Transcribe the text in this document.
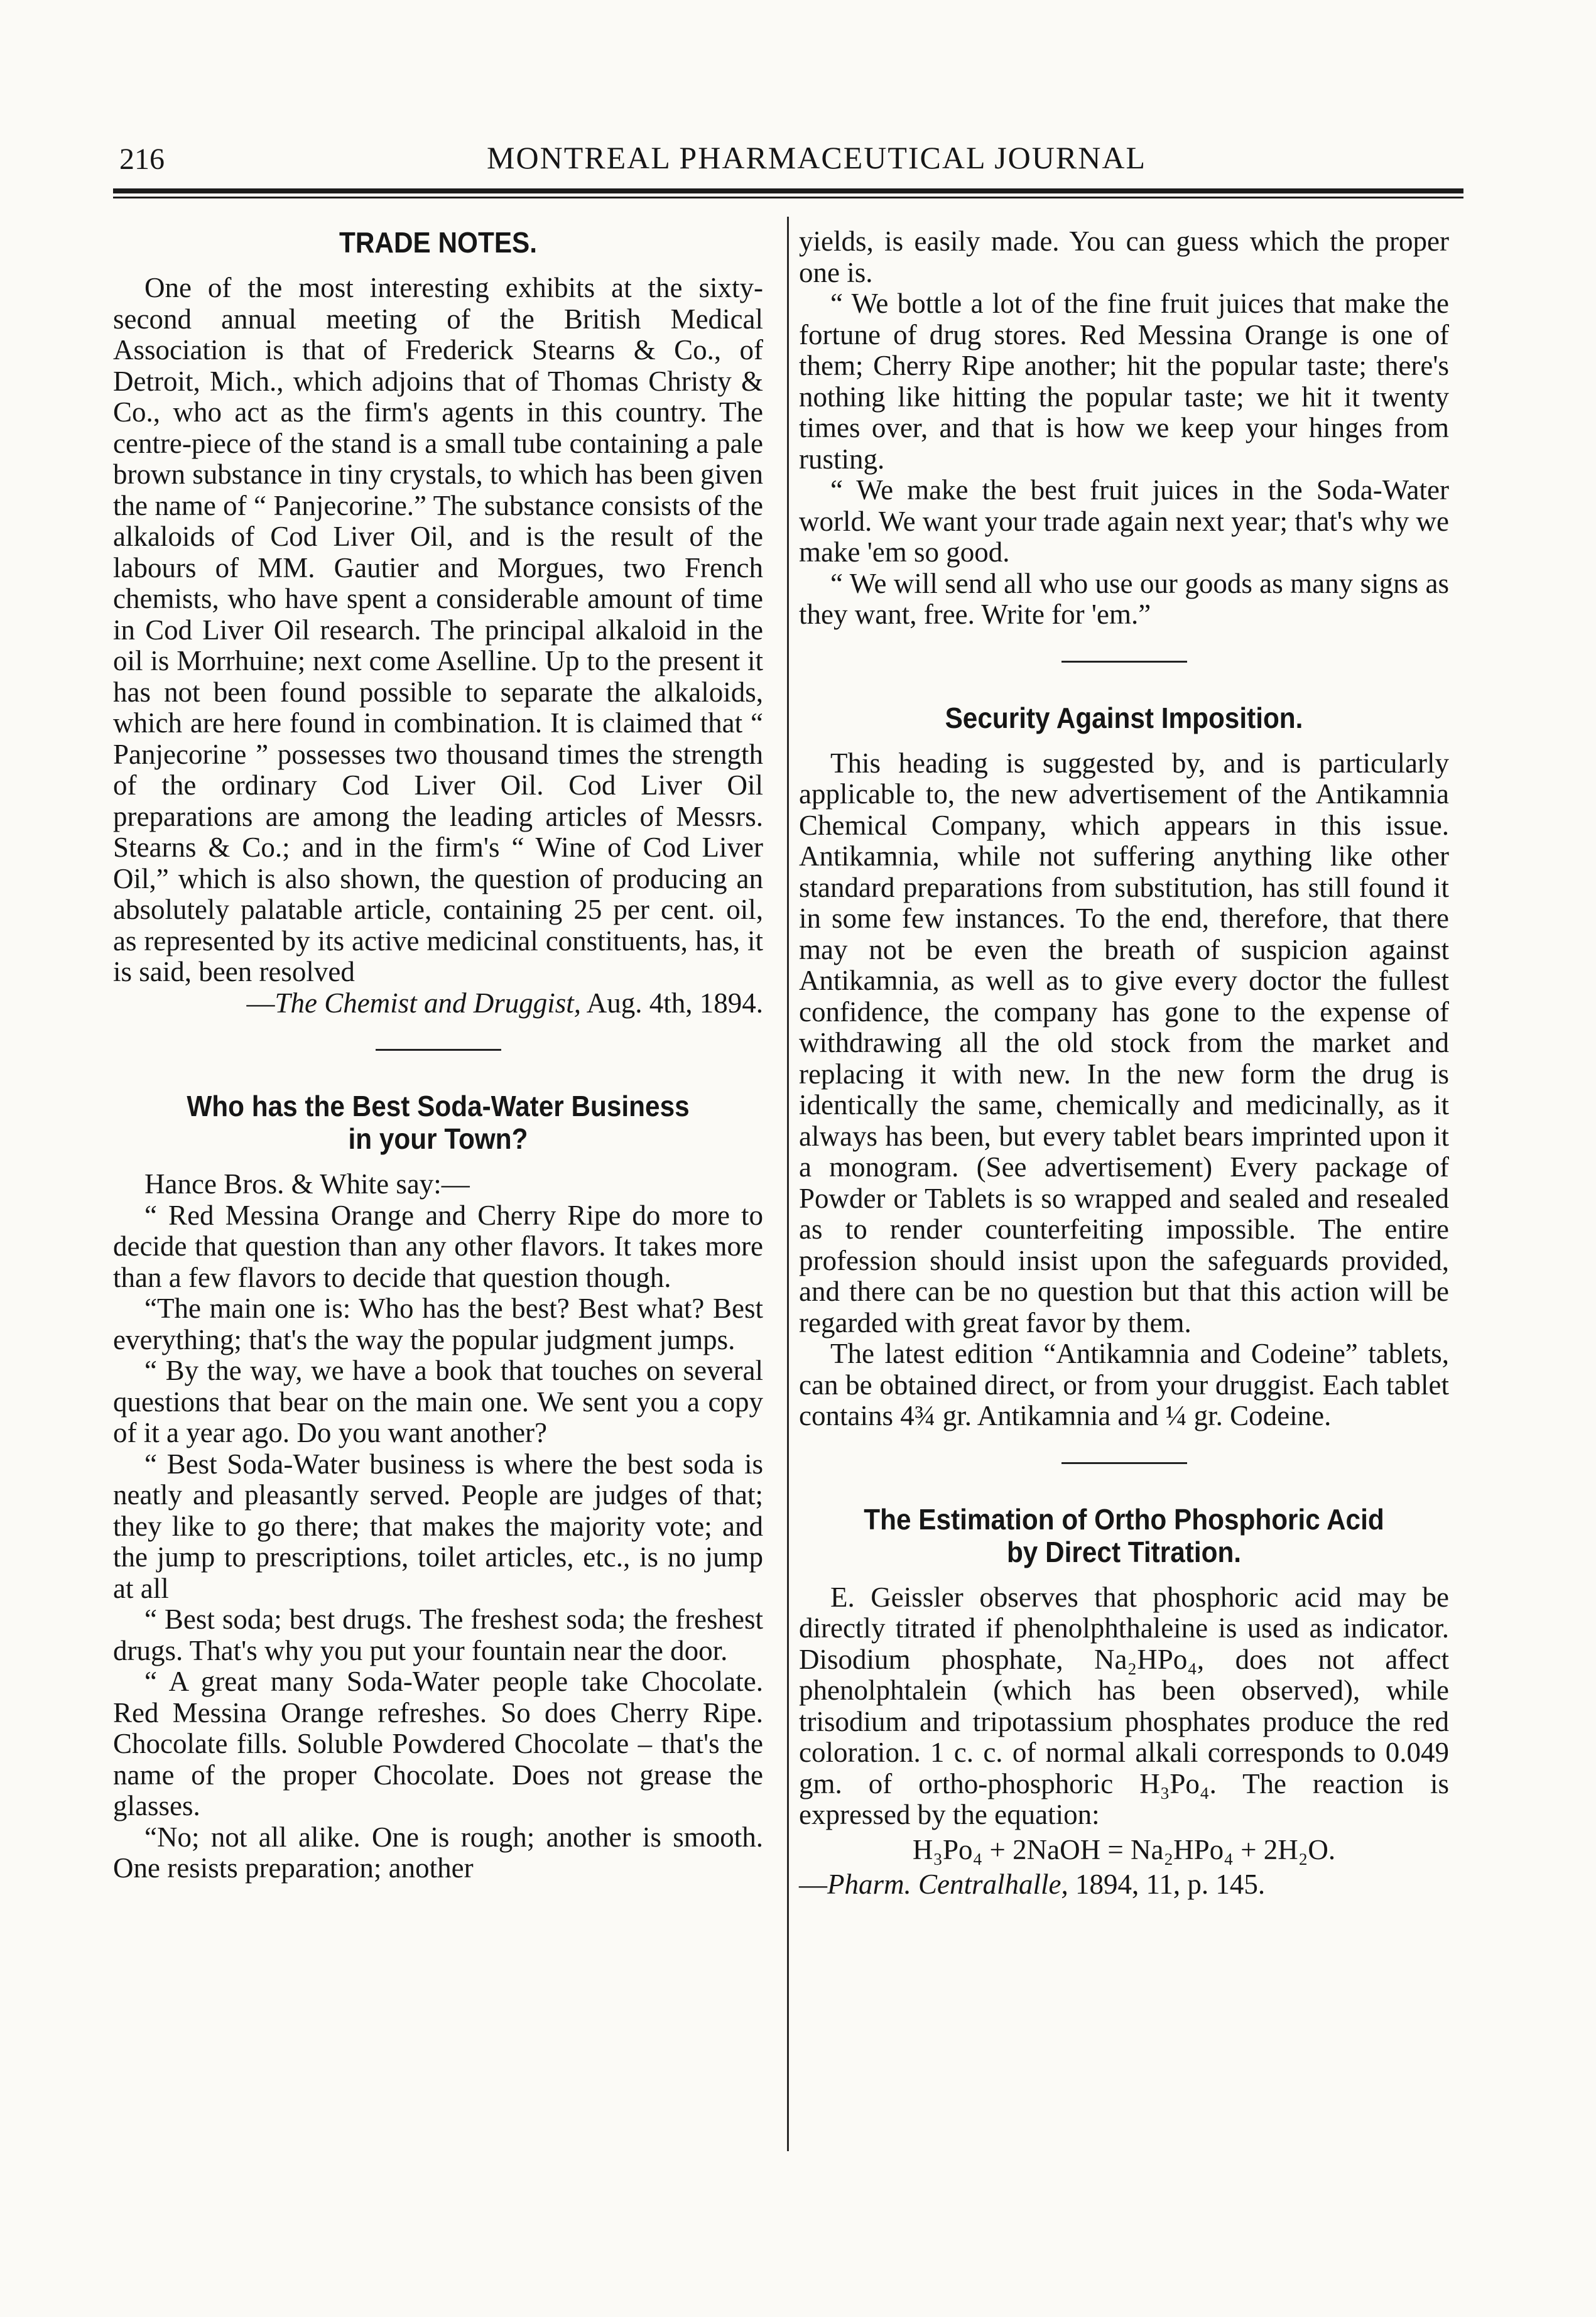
216	MONTREAL PHARMACEUTICAL JOURNAL
TRADE NOTES.

One of the most interesting exhibits at the sixty-second annual meeting of the British Medical Association is that of Frederick Stearns & Co., of Detroit, Mich., which adjoins that of Thomas Christy & Co., who act as the firm's agents in this country. The centre-piece of the stand is a small tube containing a pale brown substance in tiny crystals, to which has been given the name of “ Panjecorine.” The substance consists of the alkaloids of Cod Liver Oil, and is the result of the labours of MM. Gautier and Morgues, two French chemists, who have spent a considerable amount of time in Cod Liver Oil research. The principal alkaloid in the oil is Morrhuine; next come Aselline. Up to the present it has not been found possible to separate the alkaloids, which are here found in combination. It is claimed that “ Panjecorine ” possesses two thousand times the strength of the ordinary Cod Liver Oil. Cod Liver Oil preparations are among the leading articles of Messrs. Stearns & Co.; and in the firm's “ Wine of Cod Liver Oil,” which is also shown, the question of producing an absolutely palatable article, containing 25 per cent. oil, as represented by its active medicinal constituents, has, it is said, been resolved

—The Chemist and Druggist, Aug. 4th, 1894.

Who has the Best Soda-Water Business
in your Town?

Hance Bros. & White say:—

“ Red Messina Orange and Cherry Ripe do more to decide that question than any other flavors. It takes more than a few flavors to decide that question though.

“The main one is: Who has the best? Best what? Best everything; that's the way the popular judgment jumps.

“ By the way, we have a book that touches on several questions that bear on the main one. We sent you a copy of it a year ago. Do you want another?

“ Best Soda-Water business is where the best soda is neatly and pleasantly served. People are judges of that; they like to go there; that makes the majority vote; and the jump to prescriptions, toilet articles, etc., is no jump at all

“ Best soda; best drugs. The freshest soda; the freshest drugs. That's why you put your fountain near the door.

“ A great many Soda-Water people take Chocolate. Red Messina Orange refreshes. So does Cherry Ripe. Chocolate fills. Soluble Powdered Chocolate – that's the name of the proper Chocolate. Does not grease the glasses.

“No; not all alike. One is rough; another is smooth. One resists preparation; another

yields, is easily made. You can guess which the proper one is.

“ We bottle a lot of the fine fruit juices that make the fortune of drug stores. Red Messina Orange is one of them; Cherry Ripe another; hit the popular taste; there's nothing like hitting the popular taste; we hit it twenty times over, and that is how we keep your hinges from rusting.

“ We make the best fruit juices in the Soda-Water world. We want your trade again next year; that's why we make 'em so good.

“ We will send all who use our goods as many signs as they want, free. Write for 'em.”

Security Against Imposition.

This heading is suggested by, and is particularly applicable to, the new advertisement of the Antikamnia Chemical Company, which appears in this issue. Antikamnia, while not suffering anything like other standard preparations from substitution, has still found it in some few instances. To the end, therefore, that there may not be even the breath of suspicion against Antikamnia, as well as to give every doctor the fullest confidence, the company has gone to the expense of withdrawing all the old stock from the market and replacing it with new. In the new form the drug is identically the same, chemically and medicinally, as it always has been, but every tablet bears imprinted upon it a monogram. (See advertisement) Every package of Powder or Tablets is so wrapped and sealed and resealed as to render counterfeiting impossible. The entire profession should insist upon the safeguards provided, and there can be no question but that this action will be regarded with great favor by them.

The latest edition “Antikamnia and Codeine” tablets, can be obtained direct, or from your druggist. Each tablet contains 4¾ gr. Antikamnia and ¼ gr. Codeine.

The Estimation of Ortho Phosphoric Acid
by Direct Titration.

E. Geissler observes that phosphoric acid may be directly titrated if phenolphthaleine is used as indicator. Disodium phosphate, Na₂HPo₄, does not affect phenolphtalein (which has been observed), while trisodium and tripotassium phosphates produce the red coloration. 1 c. c. of normal alkali corresponds to 0.049 gm. of ortho-phosphoric H₃Po₄. The reaction is expressed by the equation:

H₃Po₄ + 2NaOH = Na₂HPo₄ + 2H₂O.

—Pharm. Centralhalle, 1894, 11, p. 145.
